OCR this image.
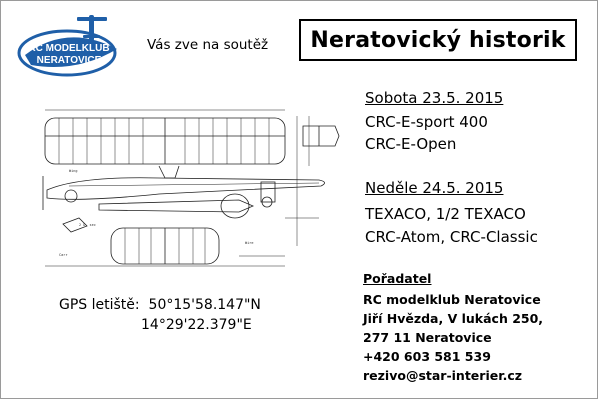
RC MODELKLUB
NERATOVICE
Vás zve na soutěž	Neratovický historik
Wing
2 D. sec
Wire
Carr
Sobota 23.5. 2015
CRC-E-sport 400
CRC-E-Open
Neděle 24.5. 2015
TEXACO, 1/2 TEXACO
CRC-Atom, CRC-Classic
GPS letiště: 50°15'58.147"N
14°29'22.379"E
Pořadatel
RC modelklub Neratovice
Jiří Hvězda, V lukách 250,
277 11 Neratovice
+420 603 581 539
rezivo@star-interier.cz
